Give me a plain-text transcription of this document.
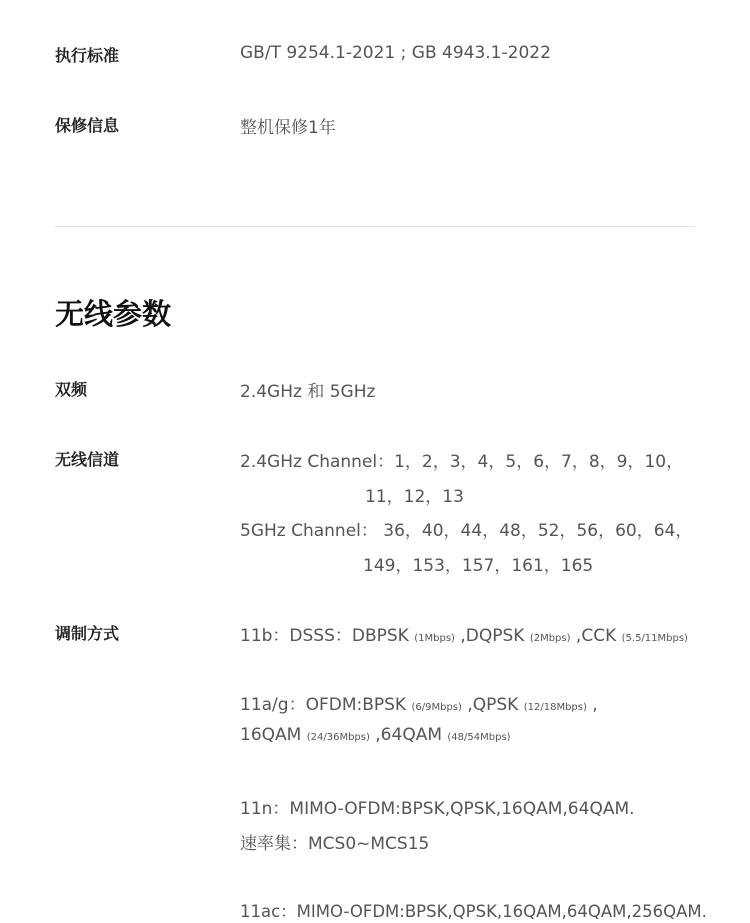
执行标准	GB/T 9254.1-2021 ; GB 4943.1-2022
保修信息	整机保修1年
无线参数
双频	2.4GHz 和 5GHz
无线信道	2.4GHz Channel：1，2，3，4，5，6，7，8，9，10，
11，12，13
5GHz Channel： 36，40，44，48，52，56，60，64，
149，153，157，161，165
调制方式	11b：DSSS：DBPSK (1Mbps) ,DQPSK (2Mbps) ,CCK (5.5/11Mbps)
11a/g：OFDM:BPSK (6/9Mbps) ,QPSK (12/18Mbps) ,
16QAM (24/36Mbps) ,64QAM (48/54Mbps)
11n：MIMO-OFDM:BPSK,QPSK,16QAM,64QAM.
速率集：MCS0~MCS15
11ac：MIMO-OFDM:BPSK,QPSK,16QAM,64QAM,256QAM.
